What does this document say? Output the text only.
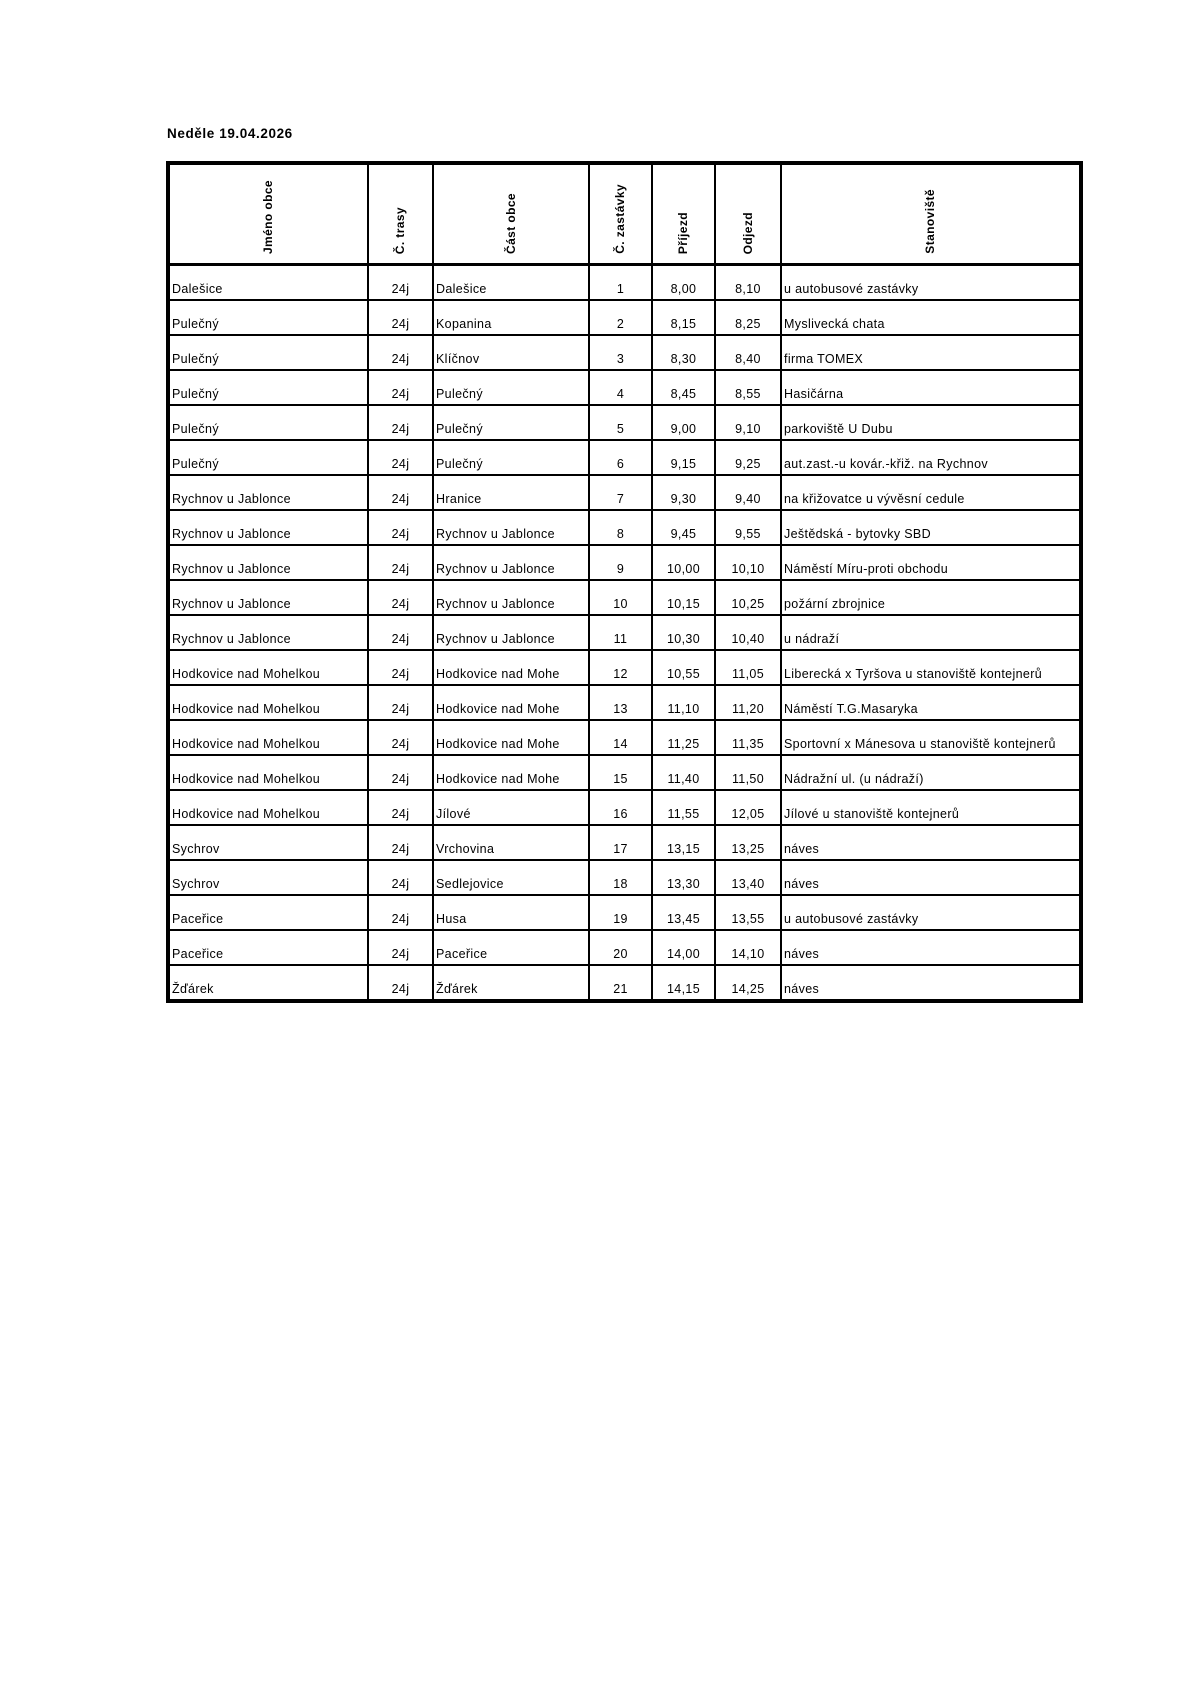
Neděle 19.04.2026
Jméno obce	Č. trasy	Část obce	Č. zastávky	Příjezd	Odjezd	Stanoviště
Dalešice	24j	Dalešice	1	8,00	8,10	u autobusové zastávky
Pulečný	24j	Kopanina	2	8,15	8,25	Myslivecká chata
Pulečný	24j	Klíčnov	3	8,30	8,40	firma TOMEX
Pulečný	24j	Pulečný	4	8,45	8,55	Hasičárna
Pulečný	24j	Pulečný	5	9,00	9,10	parkoviště U Dubu
Pulečný	24j	Pulečný	6	9,15	9,25	aut.zast.-u kovár.-křiž. na Rychnov
Rychnov u Jablonce	24j	Hranice	7	9,30	9,40	na křižovatce u vývěsní cedule
Rychnov u Jablonce	24j	Rychnov u Jablonce	8	9,45	9,55	Ještědská - bytovky SBD
Rychnov u Jablonce	24j	Rychnov u Jablonce	9	10,00	10,10	Náměstí Míru-proti obchodu
Rychnov u Jablonce	24j	Rychnov u Jablonce	10	10,15	10,25	požární zbrojnice
Rychnov u Jablonce	24j	Rychnov u Jablonce	11	10,30	10,40	u nádraží
Hodkovice nad Mohelkou	24j	Hodkovice nad Mohe	12	10,55	11,05	Liberecká x Tyršova u stanoviště kontejnerů
Hodkovice nad Mohelkou	24j	Hodkovice nad Mohe	13	11,10	11,20	Náměstí T.G.Masaryka
Hodkovice nad Mohelkou	24j	Hodkovice nad Mohe	14	11,25	11,35	Sportovní x Mánesova u stanoviště kontejnerů
Hodkovice nad Mohelkou	24j	Hodkovice nad Mohe	15	11,40	11,50	Nádražní ul. (u nádraží)
Hodkovice nad Mohelkou	24j	Jílové	16	11,55	12,05	Jílové u stanoviště kontejnerů
Sychrov	24j	Vrchovina	17	13,15	13,25	náves
Sychrov	24j	Sedlejovice	18	13,30	13,40	náves
Paceřice	24j	Husa	19	13,45	13,55	u autobusové zastávky
Paceřice	24j	Paceřice	20	14,00	14,10	náves
Žďárek	24j	Žďárek	21	14,15	14,25	náves
